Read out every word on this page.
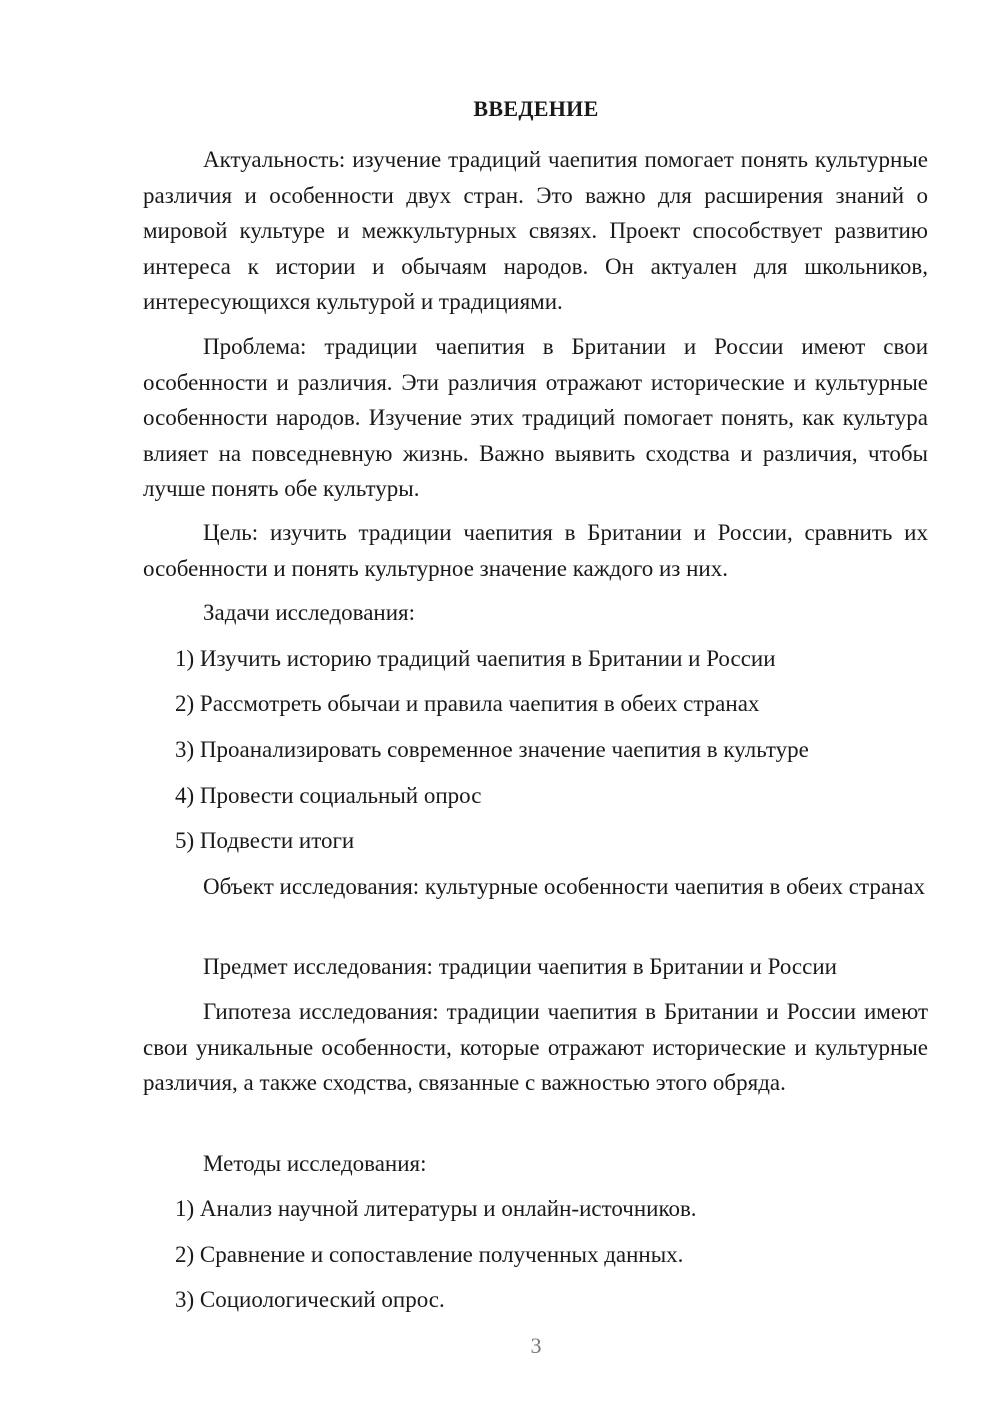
ВВЕДЕНИЕ
Актуальность: изучение традиций чаепития помогает понять культурные различия и особенности двух стран. Это важно для расширения знаний о мировой культуре и межкультурных связях. Проект способствует развитию интереса к истории и обычаям народов. Он актуален для школьников, интересующихся культурой и традициями.
Проблема: традиции чаепития в Британии и России имеют свои особенности и различия. Эти различия отражают исторические и культурные особенности народов. Изучение этих традиций помогает понять, как культура влияет на повседневную жизнь. Важно выявить сходства и различия, чтобы лучше понять обе культуры.
Цель: изучить традиции чаепития в Британии и России, сравнить их особенности и понять культурное значение каждого из них.
Задачи исследования:
1) Изучить историю традиций чаепития в Британии и России
2) Рассмотреть обычаи и правила чаепития в обеих странах
3) Проанализировать современное значение чаепития в культуре
4) Провести социальный опрос
5) Подвести итоги
Объект исследования: культурные особенности чаепития в обеих странах
Предмет исследования: традиции чаепития в Британии и России
Гипотеза исследования: традиции чаепития в Британии и России имеют свои уникальные особенности, которые отражают исторические и культурные различия, а также сходства, связанные с важностью этого обряда.
Методы исследования:
1) Анализ научной литературы и онлайн-источников.
2) Сравнение и сопоставление полученных данных.
3) Социологический опрос.
3
